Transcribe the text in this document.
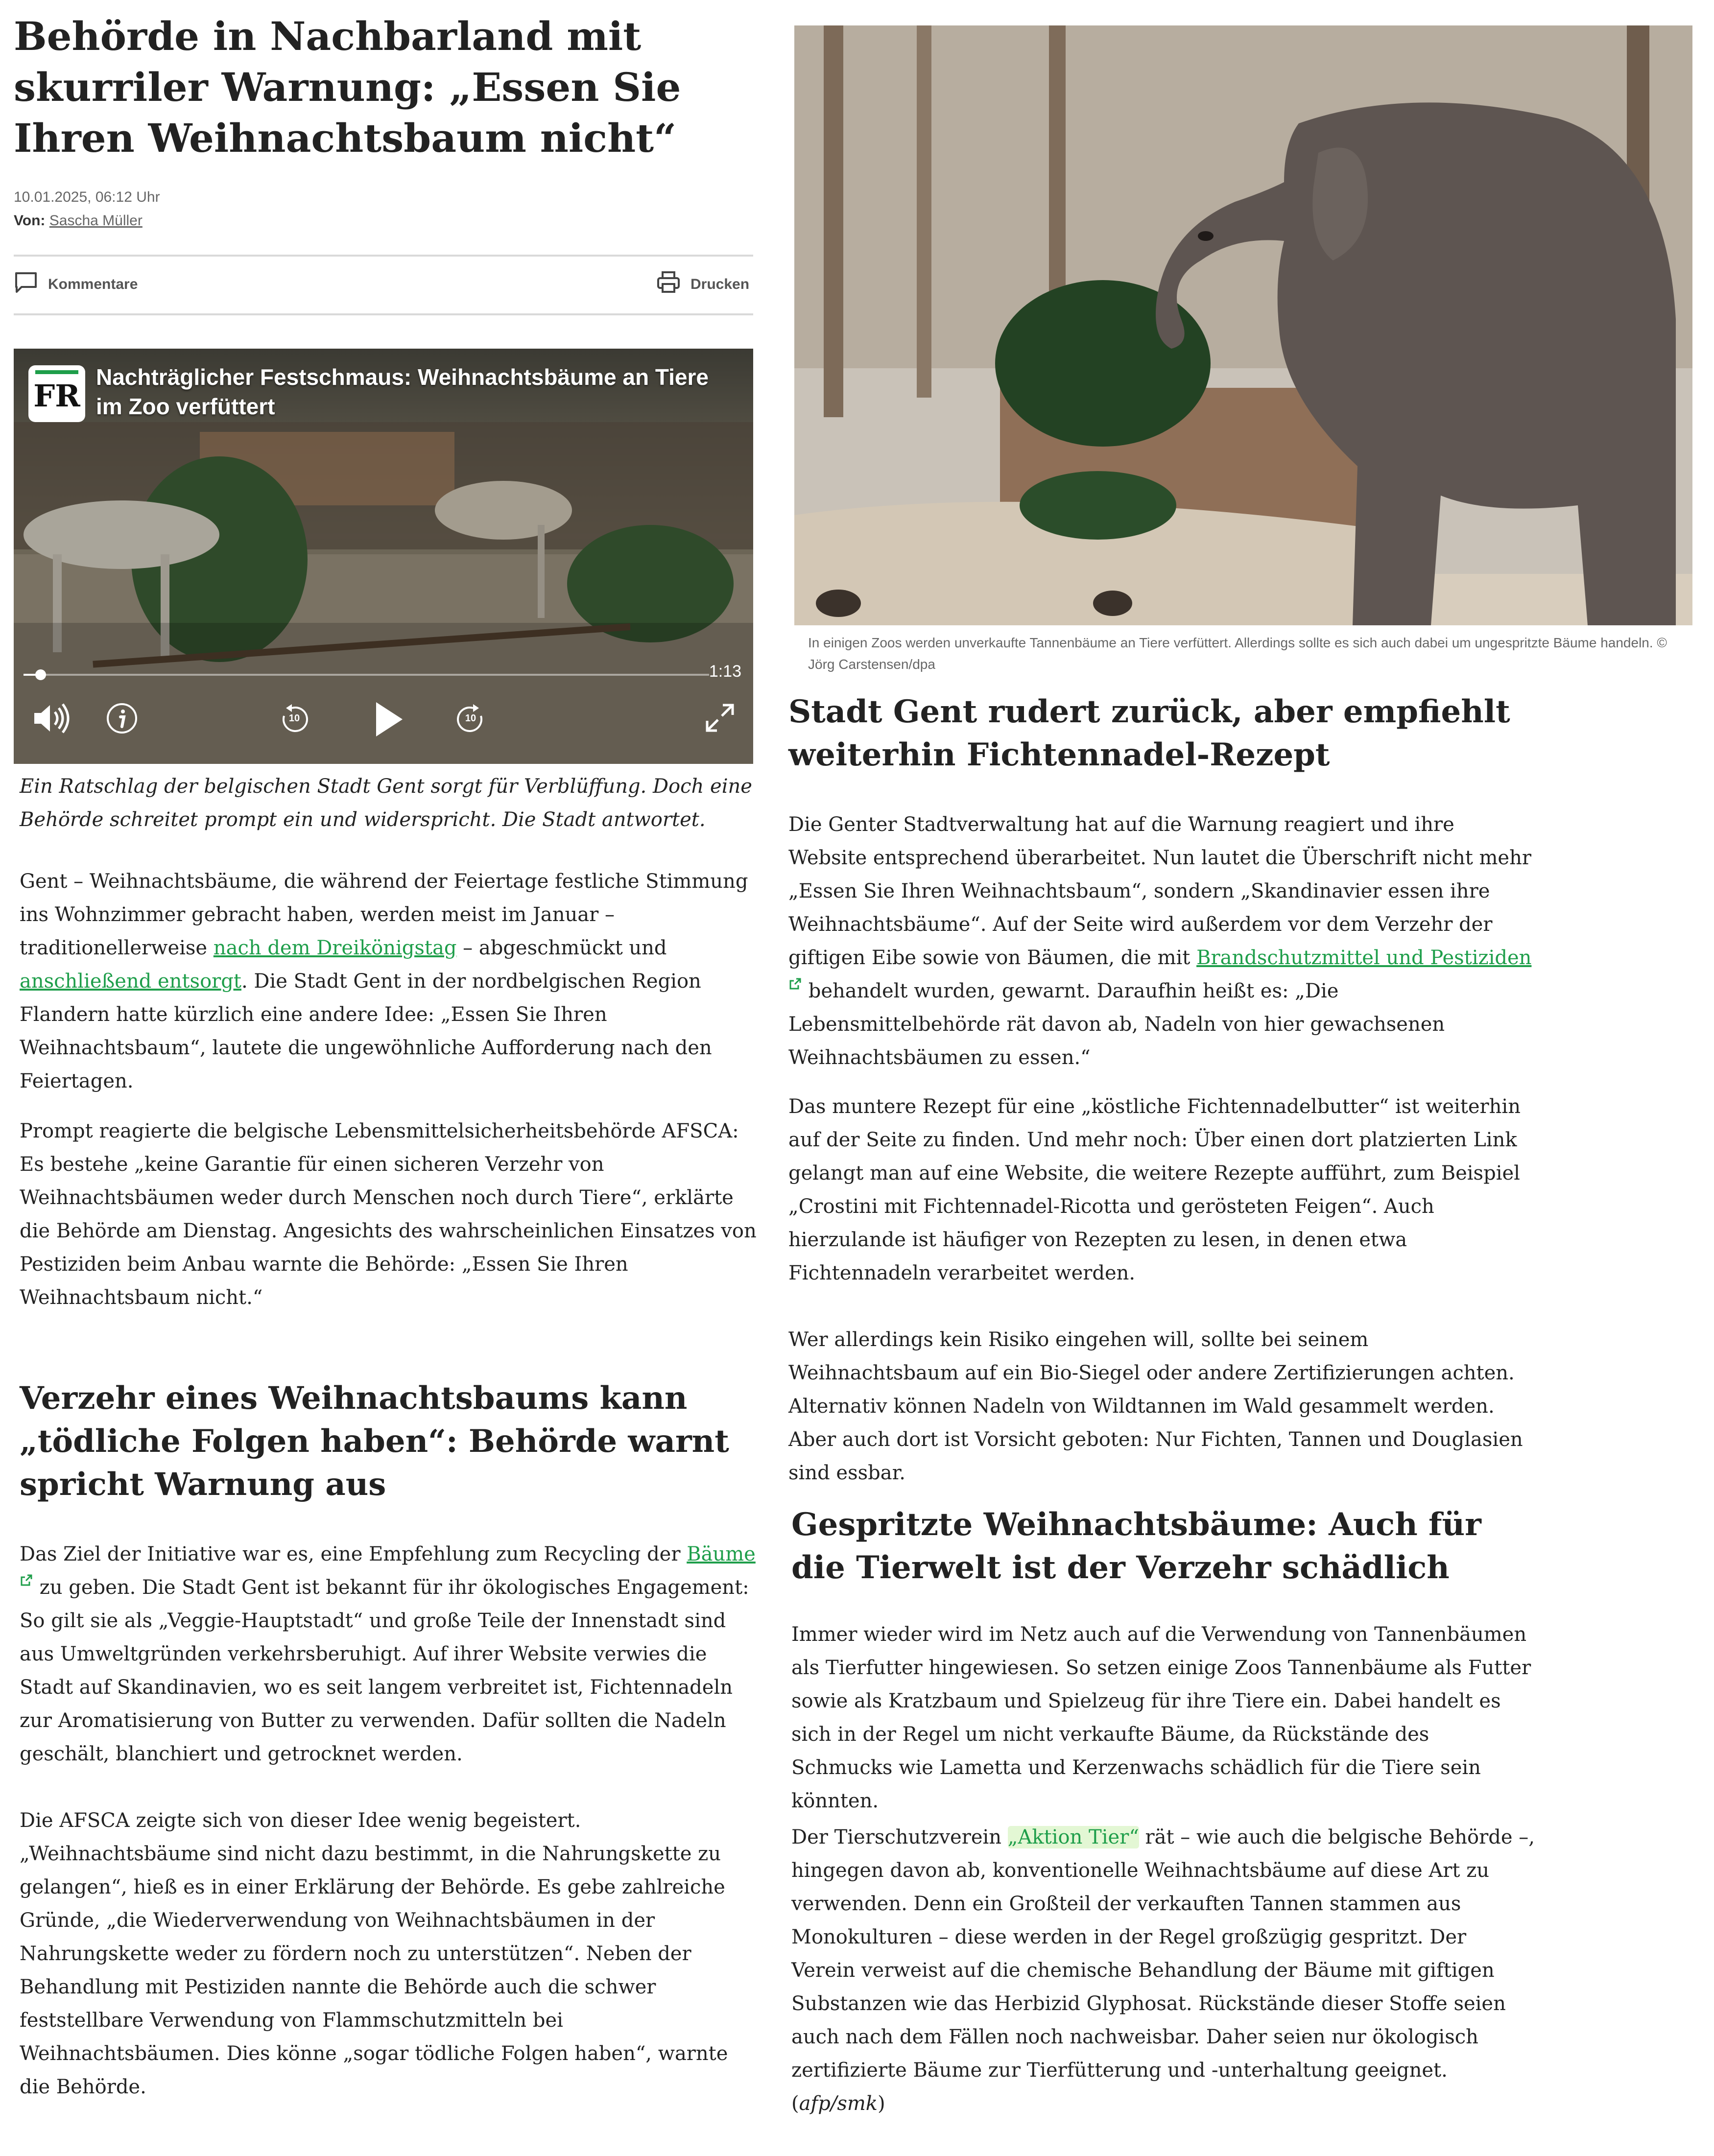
Behörde in Nachbarland mit skurriler Warnung: „Essen Sie Ihren Weihnachtsbaum nicht“
10.01.2025, 06:12 Uhr
Von: Sascha Müller
Kommentare	Drucken
FR
Nachträglicher Festschmaus: Weihnachtsbäume an Tiere im Zoo verfüttert
1:13
10	10

Ein Ratschlag der belgischen Stadt Gent sorgt für Verblüffung. Doch eine Behörde schreitet prompt ein und widerspricht. Die Stadt antwortet.

Gent – Weihnachtsbäume, die während der Feiertage festliche Stimmung ins Wohnzimmer gebracht haben, werden meist im Januar – traditionellerweise nach dem Dreikönigstag – abgeschmückt und anschließend entsorgt. Die Stadt Gent in der nordbelgischen Region Flandern hatte kürzlich eine andere Idee: „Essen Sie Ihren Weihnachtsbaum“, lautete die ungewöhnliche Aufforderung nach den Feiertagen.

Prompt reagierte die belgische Lebensmittelsicherheitsbehörde AFSCA: Es bestehe „keine Garantie für einen sicheren Verzehr von Weihnachtsbäumen weder durch Menschen noch durch Tiere“, erklärte die Behörde am Dienstag. Angesichts des wahrscheinlichen Einsatzes von Pestiziden beim Anbau warnte die Behörde: „Essen Sie Ihren Weihnachtsbaum nicht.“

Verzehr eines Weihnachtsbaums kann „tödliche Folgen haben“: Behörde warnt spricht Warnung aus

Das Ziel der Initiative war es, eine Empfehlung zum Recycling der Bäume
zu geben. Die Stadt Gent ist bekannt für ihr ökologisches Engagement: So gilt sie als „Veggie-Hauptstadt“ und große Teile der Innenstadt sind aus Umweltgründen verkehrsberuhigt. Auf ihrer Website verwies die Stadt auf Skandinavien, wo es seit langem verbreitet ist, Fichtennadeln zur Aromatisierung von Butter zu verwenden. Dafür sollten die Nadeln geschält, blanchiert und getrocknet werden.

Die AFSCA zeigte sich von dieser Idee wenig begeistert. „Weihnachtsbäume sind nicht dazu bestimmt, in die Nahrungskette zu gelangen“, hieß es in einer Erklärung der Behörde. Es gebe zahlreiche Gründe, „die Wiederverwendung von Weihnachtsbäumen in der Nahrungskette weder zu fördern noch zu unterstützen“. Neben der Behandlung mit Pestiziden nannte die Behörde auch die schwer feststellbare Verwendung von Flammschutzmitteln bei Weihnachtsbäumen. Dies könne „sogar tödliche Folgen haben“, warnte die Behörde.

In einigen Zoos werden unverkaufte Tannenbäume an Tiere verfüttert. Allerdings sollte es sich auch dabei um ungespritzte Bäume handeln. © Jörg Carstensen/dpa

Stadt Gent rudert zurück, aber empfiehlt weiterhin Fichtennadel-Rezept

Die Genter Stadtverwaltung hat auf die Warnung reagiert und ihre Website entsprechend überarbeitet. Nun lautet die Überschrift nicht mehr „Essen Sie Ihren Weihnachtsbaum“, sondern „Skandinavier essen ihre Weihnachtsbäume“. Auf der Seite wird außerdem vor dem Verzehr der giftigen Eibe sowie von Bäumen, die mit Brandschutzmittel und Pestiziden
behandelt wurden, gewarnt. Daraufhin heißt es: „Die Lebensmittelbehörde rät davon ab, Nadeln von hier gewachsenen Weihnachtsbäumen zu essen.“

Das muntere Rezept für eine „köstliche Fichtennadelbutter“ ist weiterhin auf der Seite zu finden. Und mehr noch: Über einen dort platzierten Link gelangt man auf eine Website, die weitere Rezepte aufführt, zum Beispiel „Crostini mit Fichtennadel-Ricotta und gerösteten Feigen“. Auch hierzulande ist häufiger von Rezepten zu lesen, in denen etwa Fichtennadeln verarbeitet werden.

Wer allerdings kein Risiko eingehen will, sollte bei seinem Weihnachtsbaum auf ein Bio-Siegel oder andere Zertifizierungen achten. Alternativ können Nadeln von Wildtannen im Wald gesammelt werden. Aber auch dort ist Vorsicht geboten: Nur Fichten, Tannen und Douglasien sind essbar.

Gespritzte Weihnachtsbäume: Auch für die Tierwelt ist der Verzehr schädlich

Immer wieder wird im Netz auch auf die Verwendung von Tannenbäumen als Tierfutter hingewiesen. So setzen einige Zoos Tannenbäume als Futter sowie als Kratzbaum und Spielzeug für ihre Tiere ein. Dabei handelt es sich in der Regel um nicht verkaufte Bäume, da Rückstände des Schmucks wie Lametta und Kerzenwachs schädlich für die Tiere sein könnten.

Der Tierschutzverein „Aktion Tier“ rät – wie auch die belgische Behörde –, hingegen davon ab, konventionelle Weihnachtsbäume auf diese Art zu verwenden. Denn ein Großteil der verkauften Tannen stammen aus Monokulturen – diese werden in der Regel großzügig gespritzt. Der Verein verweist auf die chemische Behandlung der Bäume mit giftigen Substanzen wie das Herbizid Glyphosat. Rückstände dieser Stoffe seien auch nach dem Fällen noch nachweisbar. Daher seien nur ökologisch zertifizierte Bäume zur Tierfütterung und -unterhaltung geeignet. (afp/smk)
